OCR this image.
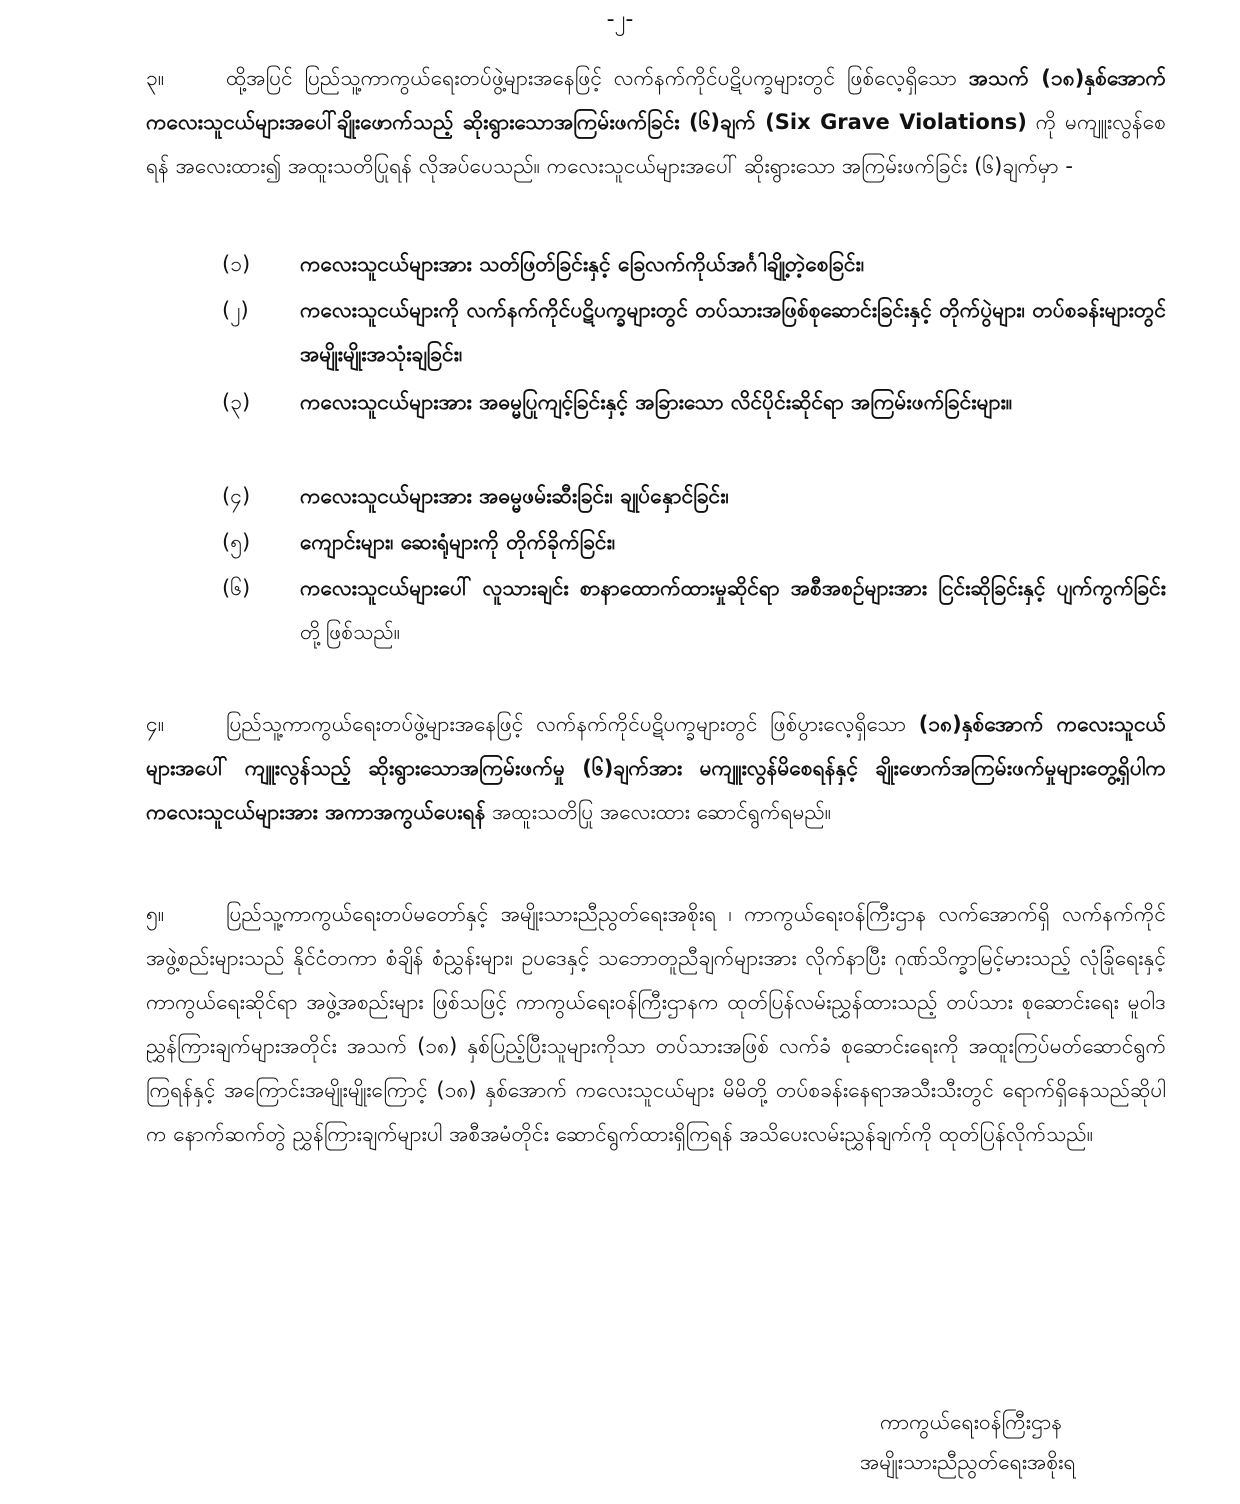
-၂-
၃။	ထို့အပြင် ပြည်သူ့ကာကွယ်ရေးတပ်ဖွဲ့များအနေဖြင့် လက်နက်ကိုင်ပဋိပက္ခများတွင် ဖြစ်လေ့ရှိသော အသက် (၁၈)နှစ်အောက် ကလေးသူငယ်များအပေါ်ချိုးဖောက်သည့် ဆိုးရွားသောအကြမ်းဖက်ခြင်း (၆)ချက် (Six Grave Violations) ကို မကျူးလွန်စေရန် အလေးထား၍ အထူးသတိပြုရန် လိုအပ်ပေသည်။ ကလေးသူငယ်များအပေါ် ဆိုးရွားသော အကြမ်းဖက်ခြင်း (၆)ချက်မှာ -
(၁)	ကလေးသူငယ်များအား သတ်ဖြတ်ခြင်းနှင့် ခြေလက်ကိုယ်အင်္ဂါချို့တဲ့စေခြင်း၊
(၂)	ကလေးသူငယ်များကို လက်နက်ကိုင်ပဋိပက္ခများတွင် တပ်သားအဖြစ်စုဆောင်းခြင်းနှင့် တိုက်ပွဲများ၊ တပ်စခန်းများတွင် အမျိုးမျိုးအသုံးချခြင်း၊
(၃)	ကလေးသူငယ်များအား အဓမ္မပြုကျင့်ခြင်းနှင့် အခြားသော လိင်ပိုင်းဆိုင်ရာ အကြမ်းဖက်ခြင်းများ။
(၄)	ကလေးသူငယ်များအား အဓမ္မဖမ်းဆီးခြင်း၊ ချုပ်နှောင်ခြင်း၊
(၅)	ကျောင်းများ၊ ဆေးရုံများကို တိုက်ခိုက်ခြင်း၊
(၆)	ကလေးသူငယ်များပေါ် လူသားချင်း စာနာထောက်ထားမှုဆိုင်ရာ အစီအစဉ်များအား ငြင်းဆိုခြင်းနှင့် ပျက်ကွက်ခြင်း တို့ဖြစ်သည်။
၄။	ပြည်သူ့ကာကွယ်ရေးတပ်ဖွဲ့များအနေဖြင့် လက်နက်ကိုင်ပဋိပက္ခများတွင် ဖြစ်ပွားလေ့ရှိသော (၁၈)နှစ်အောက် ကလေးသူငယ်များအပေါ် ကျူးလွန်သည့် ဆိုးရွားသောအကြမ်းဖက်မှု (၆)ချက်အား မကျူးလွန်မိစေရန်နှင့် ချိုးဖောက်အကြမ်းဖက်မှုများတွေ့ရှိပါက ကလေးသူငယ်များအား အကာအကွယ်ပေးရန် အထူးသတိပြု အလေးထား ဆောင်ရွက်ရမည်။
၅။	ပြည်သူ့ကာကွယ်ရေးတပ်မတော်နှင့် အမျိုးသားညီညွတ်ရေးအစိုးရ ၊ ကာကွယ်ရေးဝန်ကြီးဌာန လက်အောက်ရှိ လက်နက်ကိုင်အဖွဲ့စည်းများသည် နိုင်ငံတကာ စံချိန် စံညွှန်းများ၊ ဥပဒေနှင့် သဘောတူညီချက်များအား လိုက်နာပြီး ဂုဏ်သိက္ခာမြင့်မားသည့် လုံခြုံရေးနှင့် ကာကွယ်ရေးဆိုင်ရာ အဖွဲ့အစည်းများ ဖြစ်သဖြင့် ကာကွယ်ရေးဝန်ကြီးဌာနက ထုတ်ပြန်လမ်းညွှန်ထားသည့် တပ်သား စုဆောင်းရေး မူဝါဒ ညွှန်ကြားချက်များအတိုင်း အသက် (၁၈) နှစ်ပြည့်ပြီးသူများကိုသာ တပ်သားအဖြစ် လက်ခံ စုဆောင်းရေးကို အထူးကြပ်မတ်ဆောင်ရွက်ကြရန်နှင့် အကြောင်းအမျိုးမျိုးကြောင့် (၁၈) နှစ်အောက် ကလေးသူငယ်များ မိမိတို့ တပ်စခန်းနေရာအသီးသီးတွင် ရောက်ရှိနေသည်ဆိုပါက နောက်ဆက်တွဲ ညွှန်ကြားချက်များပါ အစီအမံတိုင်း ဆောင်ရွက်ထားရှိကြရန် အသိပေးလမ်းညွှန်ချက်ကို ထုတ်ပြန်လိုက်သည်။
ကာကွယ်ရေးဝန်ကြီးဌာန
အမျိုးသားညီညွတ်ရေးအစိုးရ
